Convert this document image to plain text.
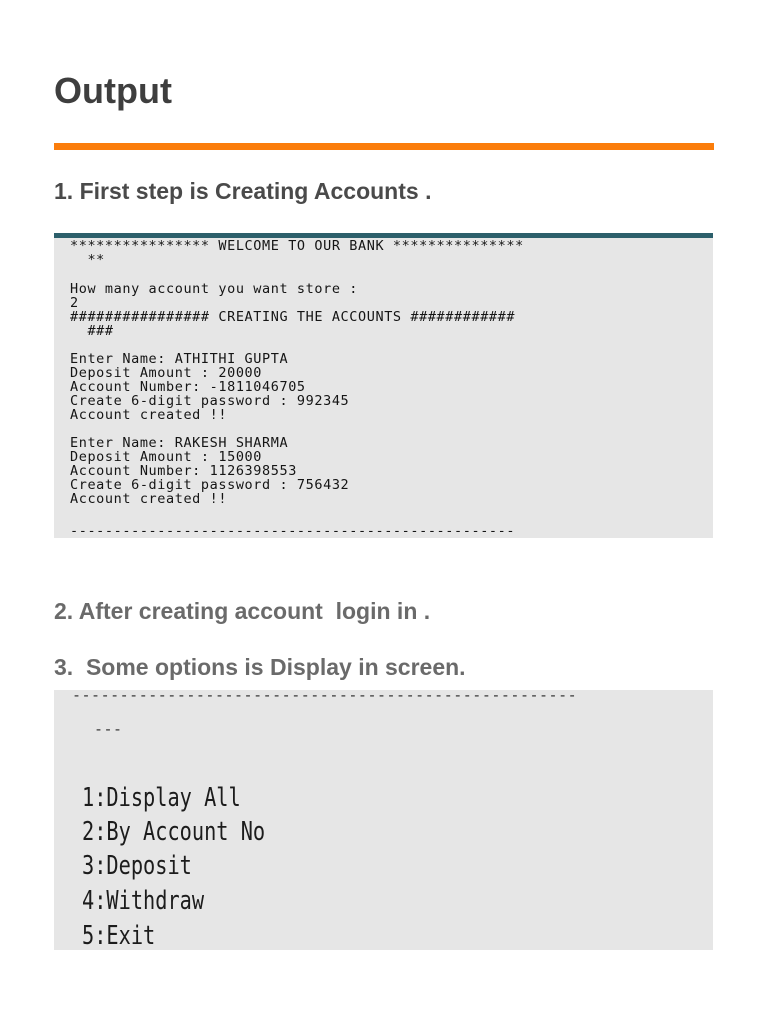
Output
1. First step is Creating Accounts .
**************** WELCOME TO OUR BANK ***************
**
How many account you want store :
2
################ CREATING THE ACCOUNTS ############
###
Enter Name: ATHITHI GUPTA
Deposit Amount : 20000
Account Number: -1811046705
Create 6-digit password : 992345
Account created !!
Enter Name: RAKESH SHARMA
Deposit Amount : 15000
Account Number: 1126398553
Create 6-digit password : 756432
Account created !!
---------------------------------------------------
2. After creating account  login in .
3.  Some options is Display in screen.
-----------------------------------------------------
---
1:Display All
2:By Account No
3:Deposit
4:Withdraw
5:Exit
